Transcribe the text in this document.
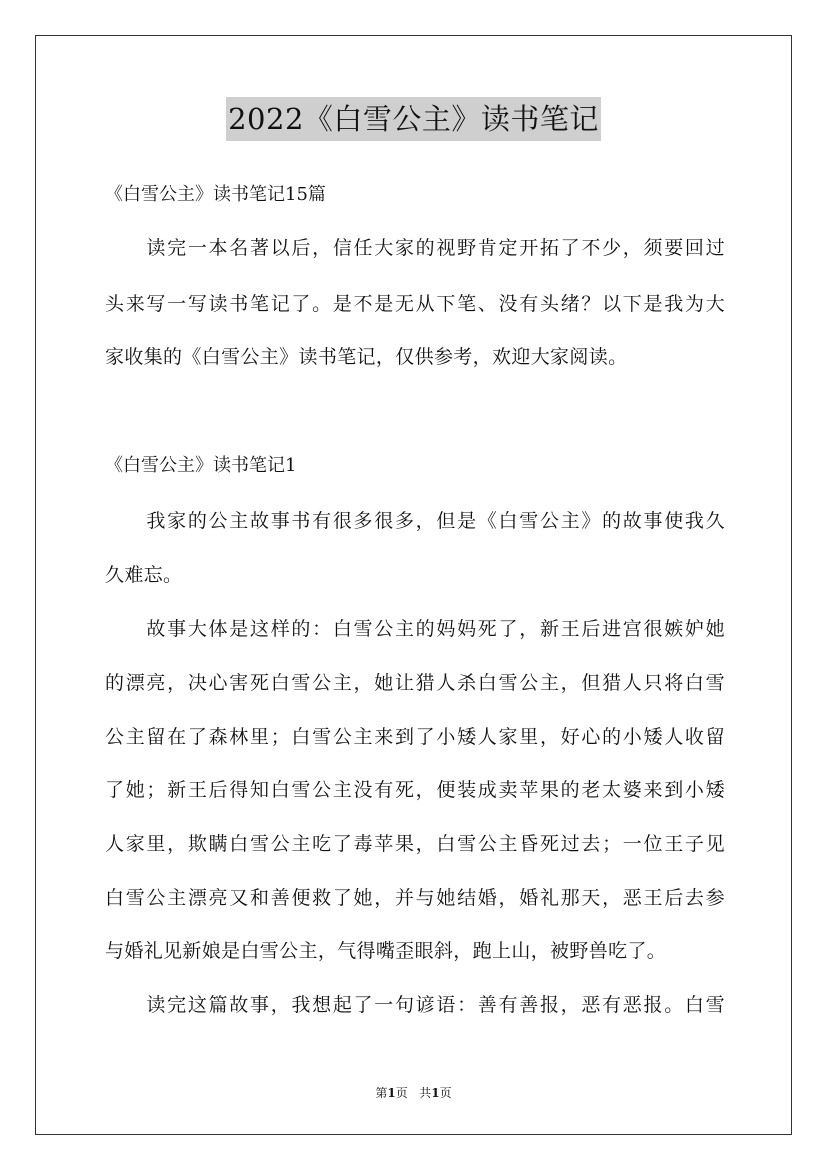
2022《白雪公主》读书笔记
《白雪公主》读书笔记15篇
　　读完一本名著以后，信任大家的视野肯定开拓了不少，须要回过
头来写一写读书笔记了。是不是无从下笔、没有头绪？以下是我为大
家收集的《白雪公主》读书笔记，仅供参考，欢迎大家阅读。
《白雪公主》读书笔记1
　　我家的公主故事书有很多很多，但是《白雪公主》的故事使我久
久难忘。
　　故事大体是这样的：白雪公主的妈妈死了，新王后进宫很嫉妒她
的漂亮，决心害死白雪公主，她让猎人杀白雪公主，但猎人只将白雪
公主留在了森林里；白雪公主来到了小矮人家里，好心的小矮人收留
了她；新王后得知白雪公主没有死，便装成卖苹果的老太婆来到小矮
人家里，欺瞒白雪公主吃了毒苹果，白雪公主昏死过去；一位王子见
白雪公主漂亮又和善便救了她，并与她结婚，婚礼那天，恶王后去参
与婚礼见新娘是白雪公主，气得嘴歪眼斜，跑上山，被野兽吃了。
　　读完这篇故事，我想起了一句谚语：善有善报，恶有恶报。白雪
第1页 共1页
